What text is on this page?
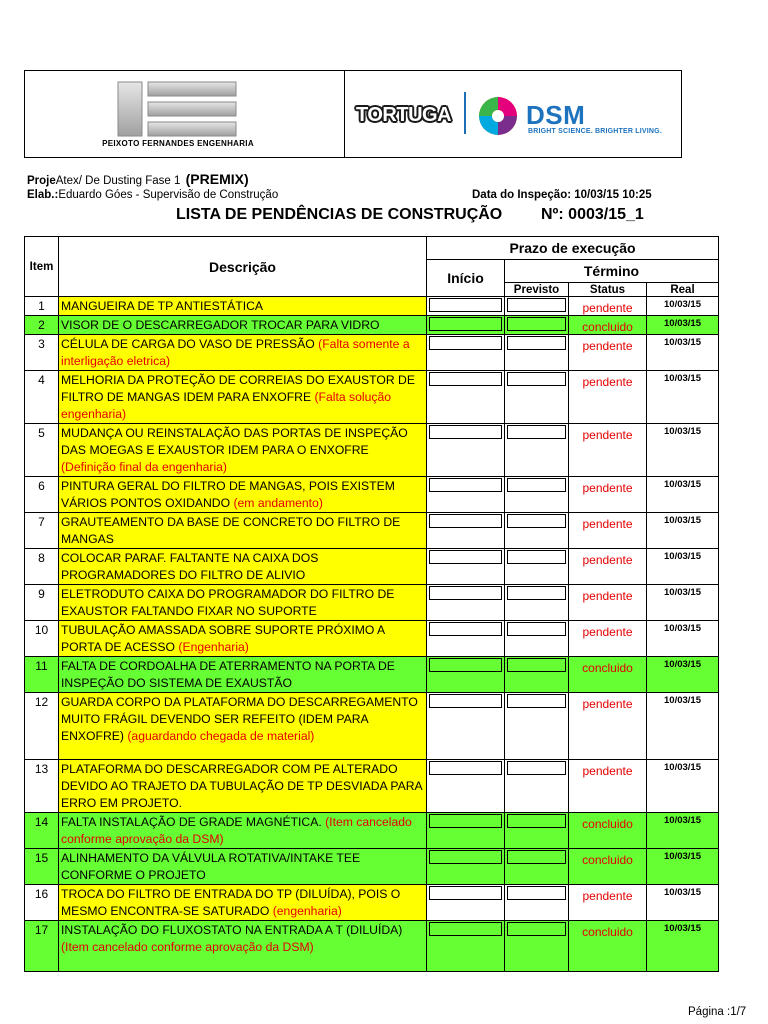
PEIXOTO FERNANDES ENGENHARIA
TORTUGA	DSM
BRIGHT SCIENCE. BRIGHTER LIVING.
ProjeAtex/ De Dusting Fase 1 (PREMIX)
Elab.:Eduardo Góes - Supervisão de Construção	Data do Inspeção: 10/03/15 10:25
LISTA DE PENDÊNCIAS DE CONSTRUÇÃO Nº: 0003/15_1
Item	Descrição	Prazo de execução			
		Início	Término		
			Previsto	Status	Real
1	MANGUEIRA DE TP ANTIESTÁTICA			pendente	10/03/15
2	VISOR DE O DESCARREGADOR TROCAR PARA VIDRO			concluido	10/03/15
3	CÉLULA DE CARGA DO VASO DE PRESSÃO (Falta somente a interligação eletrica)			pendente	10/03/15
4	MELHORIA DA PROTEÇÃO DE CORREIAS DO EXAUSTOR DE FILTRO DE MANGAS IDEM PARA ENXOFRE (Falta solução engenharia)			pendente	10/03/15
5	MUDANÇA OU REINSTALAÇÃO DAS PORTAS DE INSPEÇÃO DAS MOEGAS E EXAUSTOR IDEM PARA O ENXOFRE (Definição final da engenharia)			pendente	10/03/15
6	PINTURA GERAL DO FILTRO DE MANGAS, POIS EXISTEM VÁRIOS PONTOS OXIDANDO (em andamento)			pendente	10/03/15
7	GRAUTEAMENTO DA BASE DE CONCRETO DO FILTRO DE MANGAS			pendente	10/03/15
8	COLOCAR PARAF. FALTANTE NA CAIXA DOS PROGRAMADORES DO FILTRO DE ALIVIO			pendente	10/03/15
9	ELETRODUTO CAIXA DO PROGRAMADOR DO FILTRO DE EXAUSTOR FALTANDO FIXAR NO SUPORTE			pendente	10/03/15
10	TUBULAÇÃO AMASSADA SOBRE SUPORTE PRÓXIMO A PORTA DE ACESSO (Engenharia)			pendente	10/03/15
11	FALTA DE CORDOALHA DE ATERRAMENTO NA PORTA DE INSPEÇÃO DO SISTEMA DE EXAUSTÃO			concluido	10/03/15
12	GUARDA CORPO DA PLATAFORMA DO DESCARREGAMENTO MUITO FRÁGIL DEVENDO SER REFEITO (IDEM PARA ENXOFRE) (aguardando chegada de material)			pendente	10/03/15
13	PLATAFORMA DO DESCARREGADOR COM PE ALTERADO DEVIDO AO TRAJETO DA TUBULAÇÃO DE TP DESVIADA PARA ERRO EM PROJETO.			pendente	10/03/15
14	FALTA INSTALAÇÃO DE GRADE MAGNÉTICA. (Item cancelado conforme aprovação da DSM)			concluido	10/03/15
15	ALINHAMENTO DA VÁLVULA ROTATIVA/INTAKE TEE CONFORME O PROJETO			concluido	10/03/15
16	TROCA DO FILTRO DE ENTRADA DO TP (DILUÍDA), POIS O MESMO ENCONTRA-SE SATURADO (engenharia)			pendente	10/03/15
17	INSTALAÇÃO DO FLUXOSTATO NA ENTRADA A T (DILUÍDA) (Item cancelado conforme aprovação da DSM)			concluido	10/03/15
Página :1/7
